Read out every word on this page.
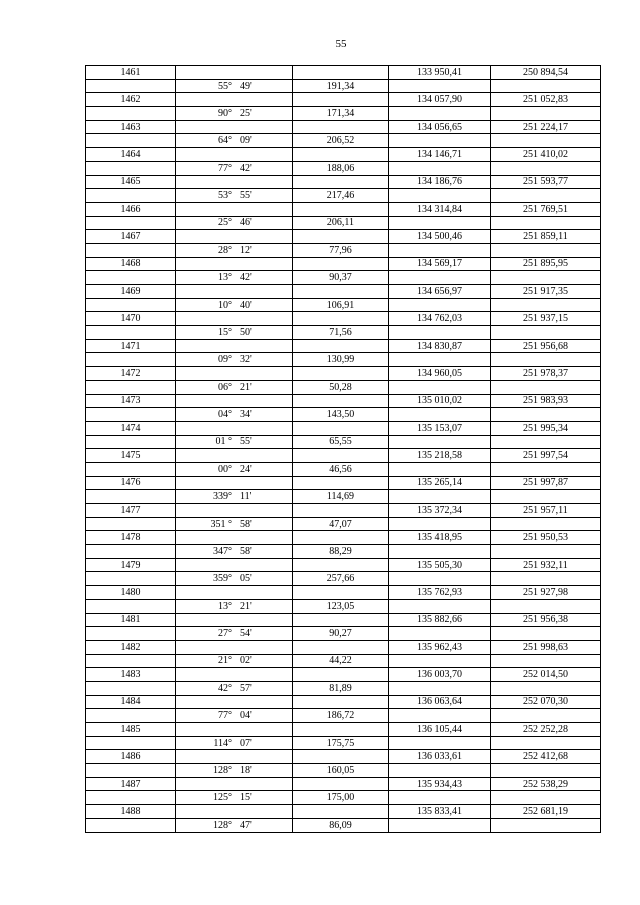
55
1461			133 950,41	250 894,54
	55° 49'	191,34		
1462			134 057,90	251 052,83
	90° 25'	171,34		
1463			134 056,65	251 224,17
	64° 09'	206,52		
1464			134 146,71	251 410,02
	77° 42'	188,06		
1465			134 186,76	251 593,77
	53° 55'	217,46		
1466			134 314,84	251 769,51
	25° 46'	206,11		
1467			134 500,46	251 859,11
	28° 12'	77,96		
1468			134 569,17	251 895,95
	13° 42'	90,37		
1469			134 656,97	251 917,35
	10° 40'	106,91		
1470			134 762,03	251 937,15
	15° 50'	71,56		
1471			134 830,87	251 956,68
	09° 32'	130,99		
1472			134 960,05	251 978,37
	06° 21'	50,28		
1473			135 010,02	251 983,93
	04° 34'	143,50		
1474			135 153,07	251 995,34
	01 ° 55'	65,55		
1475			135 218,58	251 997,54
	00° 24'	46,56		
1476			135 265,14	251 997,87
	339° 11'	114,69		
1477			135 372,34	251 957,11
	351 ° 58'	47,07		
1478			135 418,95	251 950,53
	347° 58'	88,29		
1479			135 505,30	251 932,11
	359° 05'	257,66		
1480			135 762,93	251 927,98
	13° 21'	123,05		
1481			135 882,66	251 956,38
	27° 54'	90,27		
1482			135 962,43	251 998,63
	21° 02'	44,22		
1483			136 003,70	252 014,50
	42° 57'	81,89		
1484			136 063,64	252 070,30
	77° 04'	186,72		
1485			136 105,44	252 252,28
	114° 07'	175,75		
1486			136 033,61	252 412,68
	128° 18'	160,05		
1487			135 934,43	252 538,29
	125° 15'	175,00		
1488			135 833,41	252 681,19
	128° 47'	86,09		
